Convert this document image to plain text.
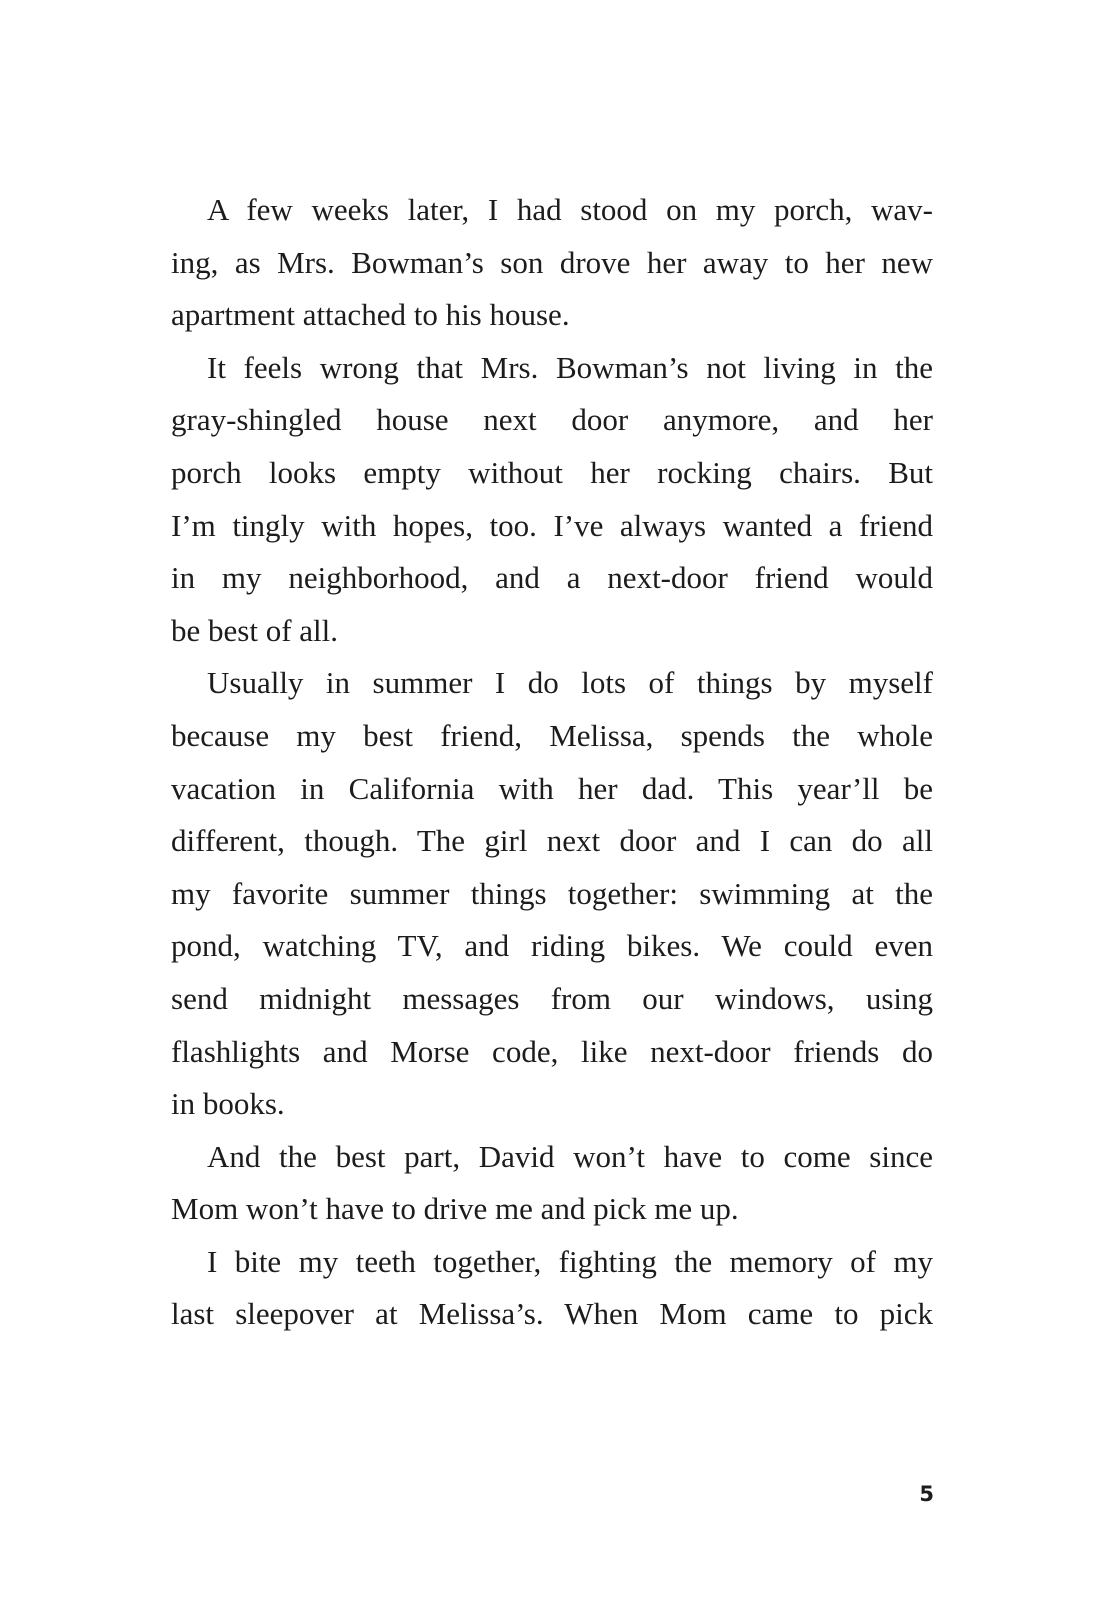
A few weeks later, I had stood on my porch, wav-
ing, as Mrs. Bowman’s son drove her away to her new
apartment attached to his house.
It feels wrong that Mrs. Bowman’s not living in the
gray-shingled house next door anymore, and her
porch looks empty without her rocking chairs. But
I’m tingly with hopes, too. I’ve always wanted a friend
in my neighborhood, and a next-door friend would
be best of all.
Usually in summer I do lots of things by myself
because my best friend, Melissa, spends the whole
vacation in California with her dad. This year’ll be
different, though. The girl next door and I can do all
my favorite summer things together: swimming at the
pond, watching TV, and riding bikes. We could even
send midnight messages from our windows, using
flashlights and Morse code, like next-door friends do
in books.
And the best part, David won’t have to come since
Mom won’t have to drive me and pick me up.
I bite my teeth together, fighting the memory of my
last sleepover at Melissa’s. When Mom came to pick
5
